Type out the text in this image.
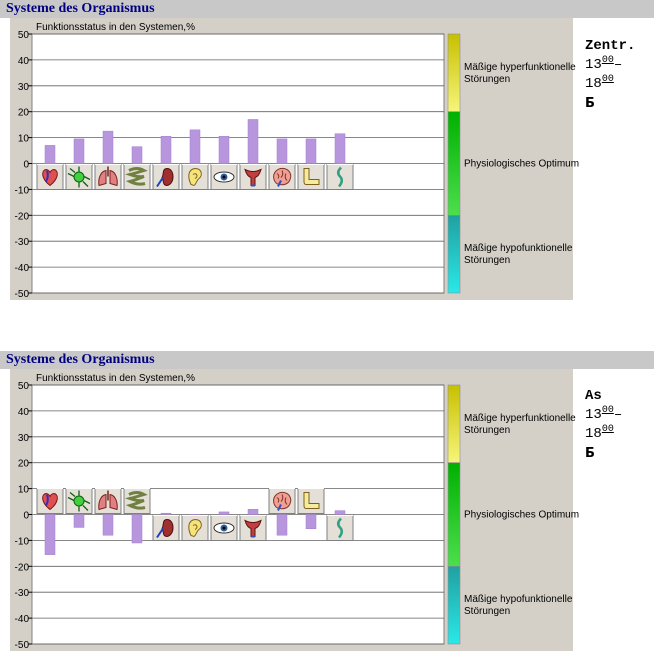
Systeme des Organismus
Funktionsstatus in den Systemen,%
50
40
30
20
10
0
-10
-20
-30
-40
-50
Mäßige hyperfunktionelle
Störungen
Physiologisches Optimum
Mäßige hypofunktionelle
Störungen
Zentr.
$13^{00}-$
$18^{00}$
Б
Systeme des Organismus
Funktionsstatus in den Systemen,%
50
40
30
20
10
0
-10
-20
-30
-40
-50
Mäßige hyperfunktionelle
Störungen
Physiologisches Optimum
Mäßige hypofunktionelle
Störungen
As
$13^{00}-$
$18^{00}$
Б
